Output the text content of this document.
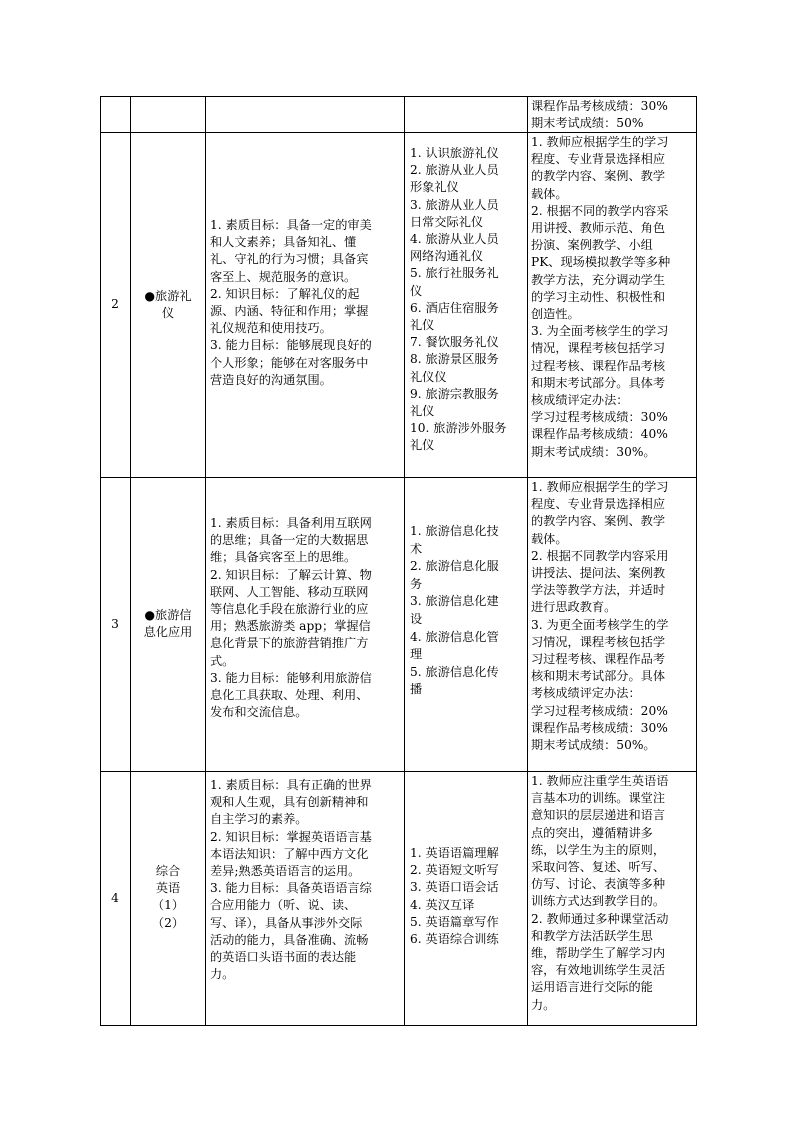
课程作品考核成绩：30%
期末考试成绩：50%
2
●旅游礼
仪
1. 素质目标：具备一定的审美
和人文素养；具备知礼、懂
礼、守礼的行为习惯；具备宾
客至上、规范服务的意识。
2. 知识目标：了解礼仪的起
源、内涵、特征和作用；掌握
礼仪规范和使用技巧。
3. 能力目标：能够展现良好的
个人形象；能够在对客服务中
营造良好的沟通氛围。
1. 认识旅游礼仪
2. 旅游从业人员
形象礼仪
3. 旅游从业人员
日常交际礼仪
4. 旅游从业人员
网络沟通礼仪
5. 旅行社服务礼
仪
6. 酒店住宿服务
礼仪
7. 餐饮服务礼仪
8. 旅游景区服务
礼仪仪
9. 旅游宗教服务
礼仪
10. 旅游涉外服务
礼仪
1. 教师应根据学生的学习
程度、专业背景选择相应
的教学内容、案例、教学
载体。
2. 根据不同的教学内容采
用讲授、教师示范、角色
扮演、案例教学、小组
PK、现场模拟教学等多种
教学方法，充分调动学生
的学习主动性、积极性和
创造性。
3. 为全面考核学生的学习
情况，课程考核包括学习
过程考核、课程作品考核
和期末考试部分。具体考
核成绩评定办法：
学习过程考核成绩：30%
课程作品考核成绩：40%
期末考试成绩：30%。
3
●旅游信
息化应用
1. 素质目标：具备利用互联网
的思维；具备一定的大数据思
维；具备宾客至上的思维。
2. 知识目标：了解云计算、物
联网、人工智能、移动互联网
等信息化手段在旅游行业的应
用；熟悉旅游类 app；掌握信
息化背景下的旅游营销推广方
式。
3. 能力目标：能够利用旅游信
息化工具获取、处理、利用、
发布和交流信息。
1. 旅游信息化技
术
2. 旅游信息化服
务
3. 旅游信息化建
设
4. 旅游信息化管
理
5. 旅游信息化传
播
1. 教师应根据学生的学习
程度、专业背景选择相应
的教学内容、案例、教学
载体。
2. 根据不同教学内容采用
讲授法、提问法、案例教
学法等教学方法，并适时
进行思政教育。
3. 为更全面考核学生的学
习情况，课程考核包括学
习过程考核、课程作品考
核和期末考试部分。具体
考核成绩评定办法：
学习过程考核成绩：20%
课程作品考核成绩：30%
期末考试成绩：50%。
4
综合
英语
（1）
（2）
1. 素质目标：具有正确的世界
观和人生观，具有创新精神和
自主学习的素养。
2. 知识目标：掌握英语语言基
本语法知识：了解中西方文化
差异;熟悉英语语言的运用。
3. 能力目标：具备英语语言综
合应用能力（听、说、读、
写、译），具备从事涉外交际
活动的能力，具备准确、流畅
的英语口头语书面的表达能
力。
1. 英语语篇理解
2. 英语短文听写
3. 英语口语会话
4. 英汉互译
5. 英语篇章写作
6. 英语综合训练
1. 教师应注重学生英语语
言基本功的训练。课堂注
意知识的层层递进和语言
点的突出，遵循精讲多
练，以学生为主的原则，
采取问答、复述、听写、
仿写、讨论、表演等多种
训练方式达到教学目的。
2. 教师通过多种课堂活动
和教学方法活跃学生思
维，帮助学生了解学习内
容，有效地训练学生灵活
运用语言进行交际的能
力。
